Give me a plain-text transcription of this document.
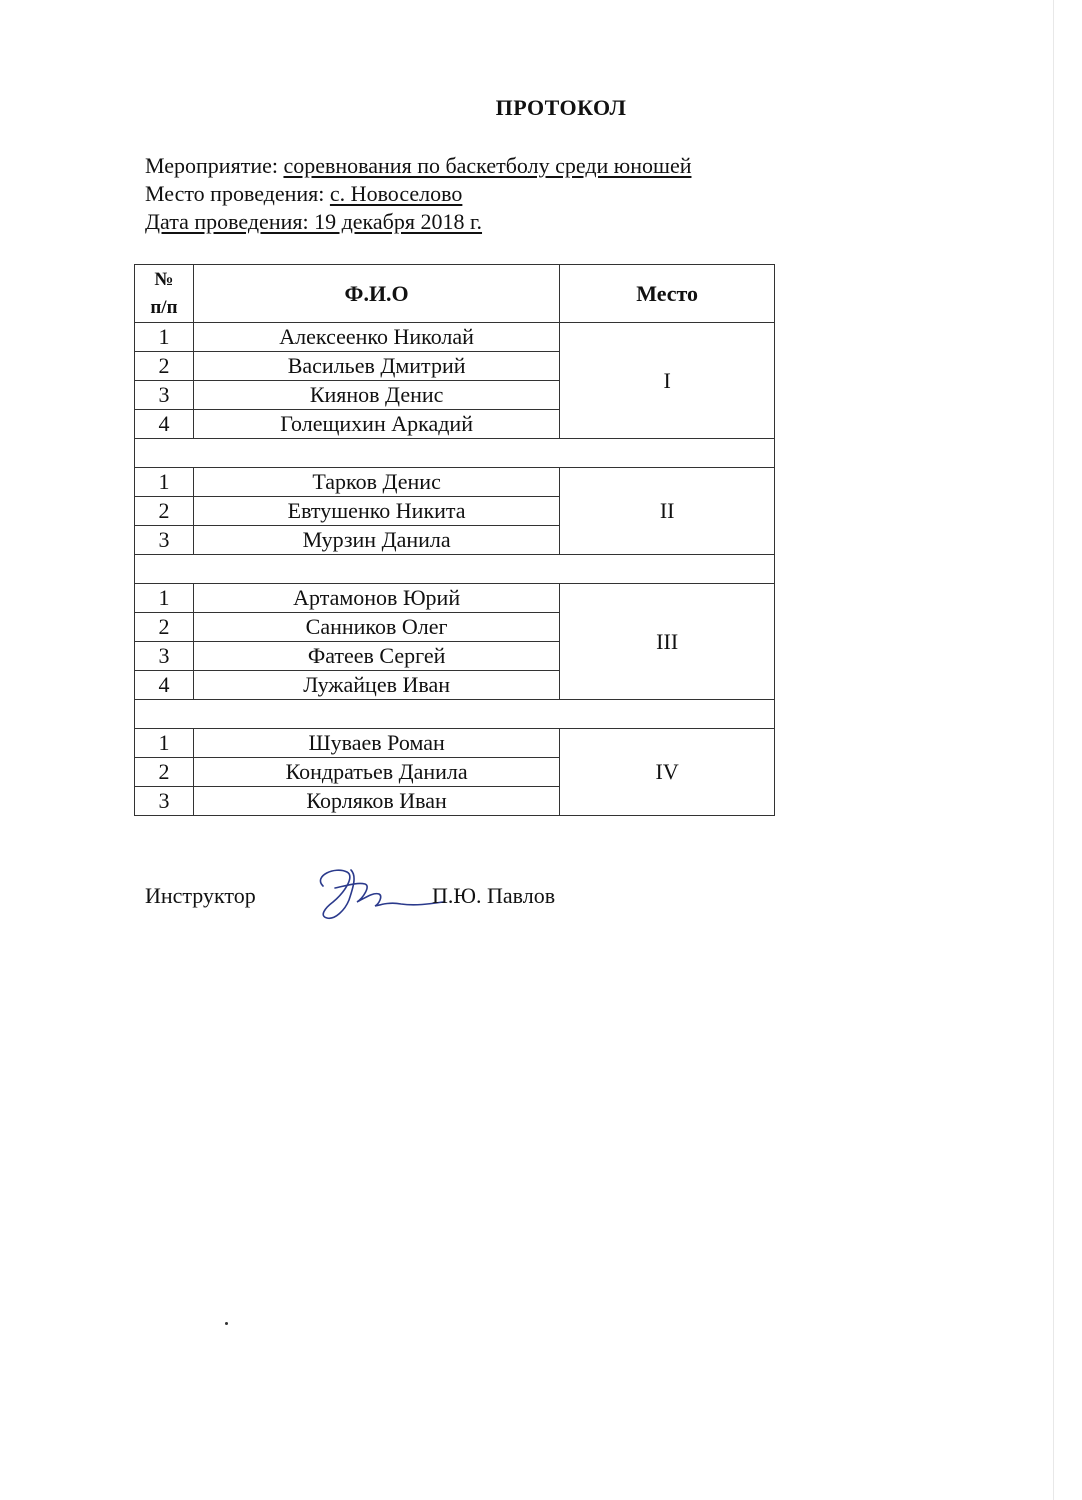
ПРОТОКОЛ
Мероприятие: соревнования по баскетболу среди юношей
Место проведения: с. Новоселово
Дата проведения: 19 декабря 2018 г.
№
п/п	Ф.И.О	Место
1	Алексеенко Николай	I
2	Васильев Дмитрий	
3	Киянов Денис	
4	Голещихин Аркадий	

1	Тарков Денис	II
2	Евтушенко Никита	
3	Мурзин Данила	

1	Артамонов Юрий	III
2	Санников Олег	
3	Фатеев Сергей	
4	Лужайцев Иван	

1	Шуваев Роман	IV
2	Кондратьев Данила	
3	Корляков Иван	
Инструктор	П.Ю. Павлов
